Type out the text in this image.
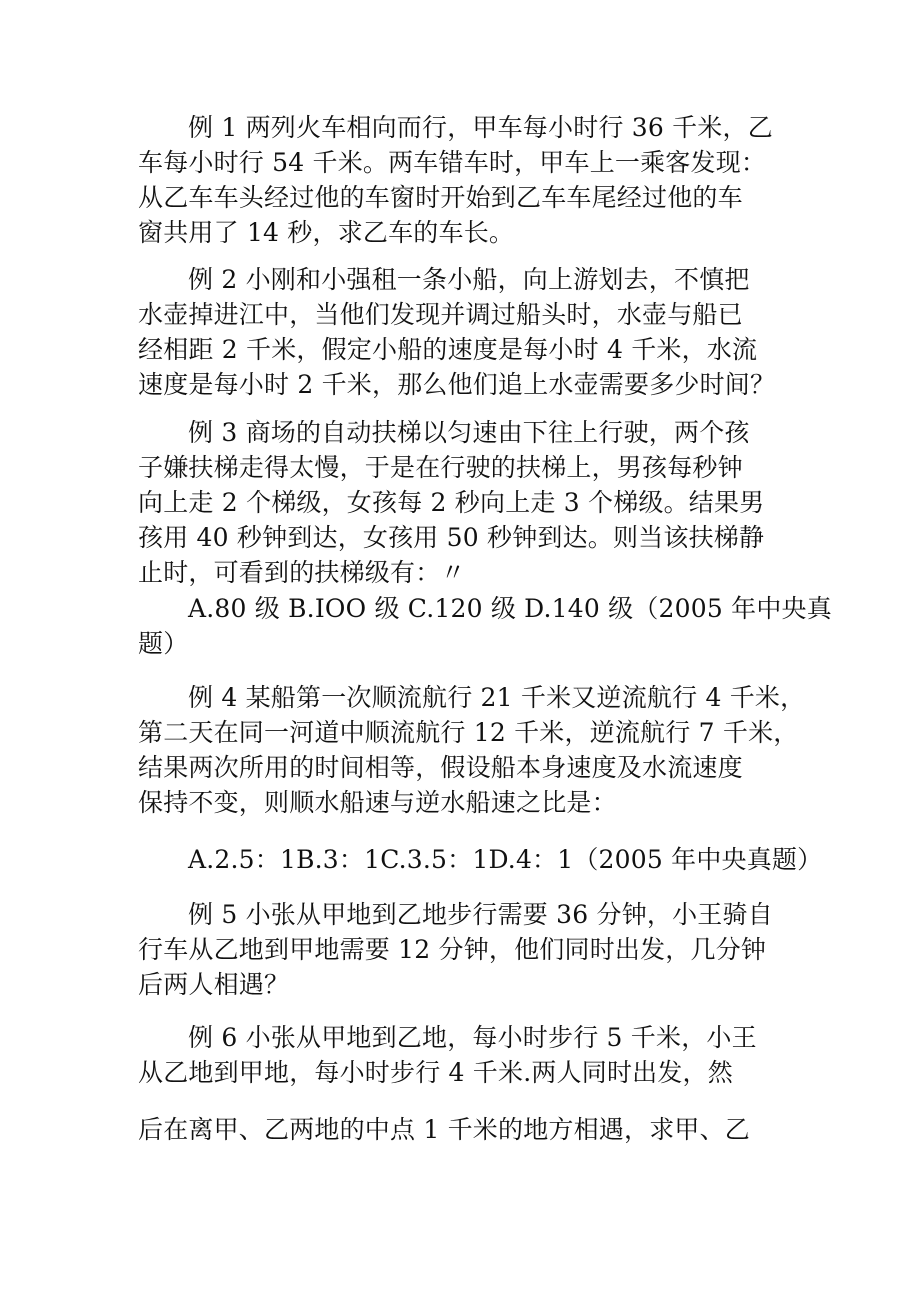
例 1 两列火车相向而行，甲车每小时行 36 千米，乙
车每小时行 54 千米。两车错车时，甲车上一乘客发现：
从乙车车头经过他的车窗时开始到乙车车尾经过他的车
窗共用了 14 秒，求乙车的车长。
例 2 小刚和小强租一条小船，向上游划去，不慎把
水壶掉进江中，当他们发现并调过船头时，水壶与船已
经相距 2 千米，假定小船的速度是每小时 4 千米，水流
速度是每小时 2 千米，那么他们追上水壶需要多少时间？
例 3 商场的自动扶梯以匀速由下往上行驶，两个孩
子嫌扶梯走得太慢，于是在行驶的扶梯上，男孩每秒钟
向上走 2 个梯级，女孩每 2 秒向上走 3 个梯级。结果男
孩用 40 秒钟到达，女孩用 50 秒钟到达。则当该扶梯静
止时，可看到的扶梯级有：〃
A.80 级 B.IOO 级 C.120 级 D.140 级（2005 年中央真
题）
例 4 某船第一次顺流航行 21 千米又逆流航行 4 千米，
第二天在同一河道中顺流航行 12 千米，逆流航行 7 千米，
结果两次所用的时间相等，假设船本身速度及水流速度
保持不变，则顺水船速与逆水船速之比是：
A.2.5：1B.3：1C.3.5：1D.4：1（2005 年中央真题）
例 5 小张从甲地到乙地步行需要 36 分钟，小王骑自
行车从乙地到甲地需要 12 分钟，他们同时出发，几分钟
后两人相遇？
例 6 小张从甲地到乙地，每小时步行 5 千米，小王
从乙地到甲地，每小时步行 4 千米.两人同时出发，然
后在离甲、乙两地的中点 1 千米的地方相遇，求甲、乙
